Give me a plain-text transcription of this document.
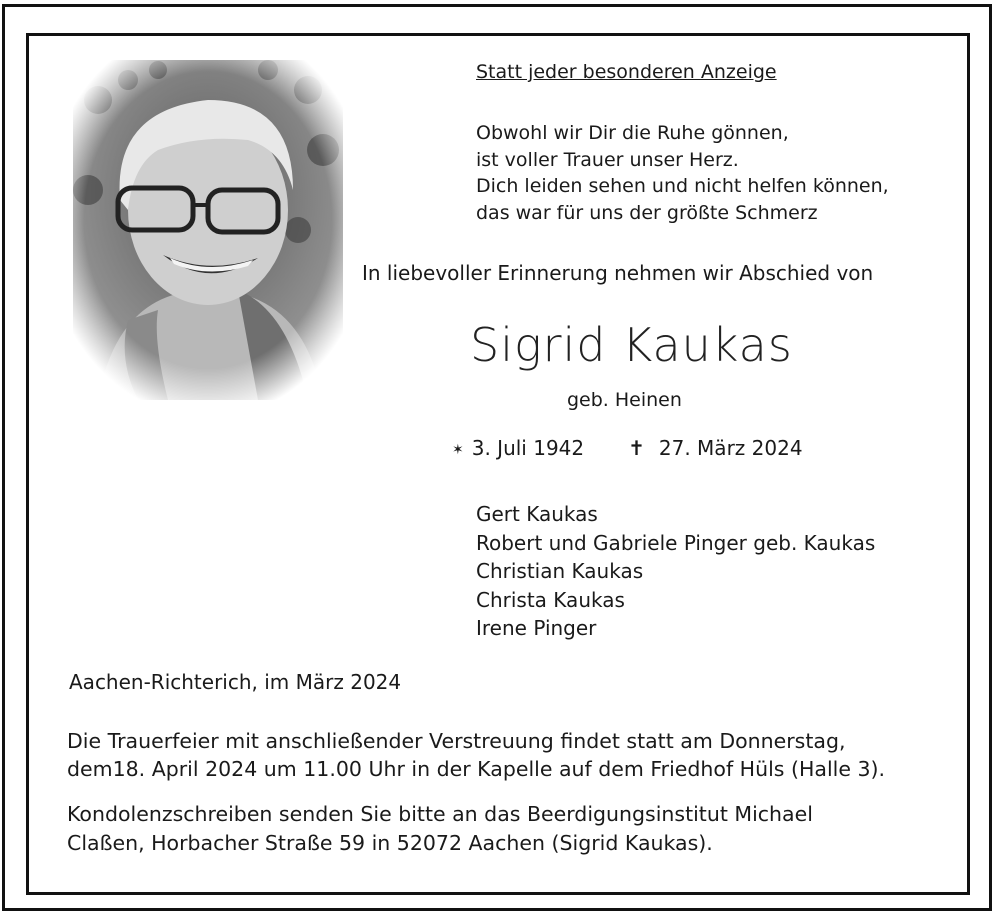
Statt jeder besonderen Anzeige
Obwohl wir Dir die Ruhe gönnen,
ist voller Trauer unser Herz.
Dich leiden sehen und nicht helfen können,
das war für uns der größte Schmerz
In liebevoller Erinnerung nehmen wir Abschied von
Sigrid Kaukas
geb. Heinen
✶ 3. Juli 1942 ✝ 27. März 2024
Gert Kaukas
Robert und Gabriele Pinger geb. Kaukas
Christian Kaukas
Christa Kaukas
Irene Pinger
Aachen-Richterich, im März 2024
Die Trauerfeier mit anschließender Verstreuung findet statt am Donnerstag,
dem18. April 2024 um 11.00 Uhr in der Kapelle auf dem Friedhof Hüls (Halle 3).
Kondolenzschreiben senden Sie bitte an das Beerdigungsinstitut Michael
Claßen, Horbacher Straße 59 in 52072 Aachen (Sigrid Kaukas).
